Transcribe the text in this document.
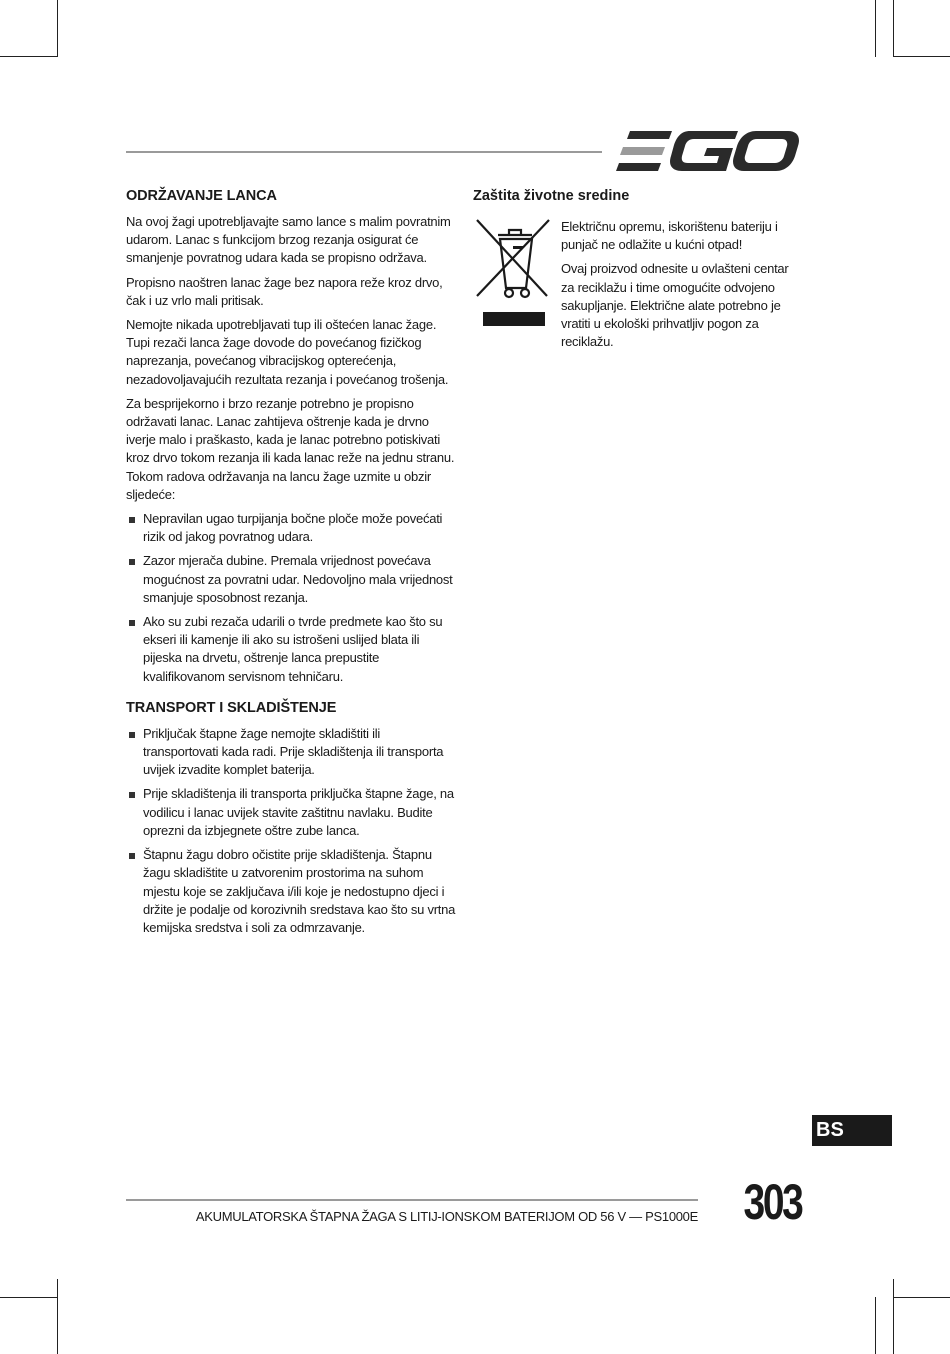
ODRŽAVANJE LANCA

Na ovoj žagi upotrebljavajte samo lance s malim povratnim udarom. Lanac s funkcijom brzog rezanja osigurat će smanjenje povratnog udara kada se propisno održava.

Propisno naoštren lanac žage bez napora reže kroz drvo, čak i uz vrlo mali pritisak.

Nemojte nikada upotrebljavati tup ili oštećen lanac žage. Tupi rezači lanca žage dovode do povećanog fizičkog naprezanja, povećanog vibracijskog opterećenja, nezadovoljavajućih rezultata rezanja i povećanog trošenja.

Za besprijekorno i brzo rezanje potrebno je propisno održavati lanac. Lanac zahtijeva oštrenje kada je drvno iverje malo i praškasto, kada je lanac potrebno potiskivati kroz drvo tokom rezanja ili kada lanac reže na jednu stranu. Tokom radova održavanja na lancu žage uzmite u obzir sljedeće:

Nepravilan ugao turpijanja bočne ploče može povećati rizik od jakog povratnog udara.
Zazor mjerača dubine. Premala vrijednost povećava mogućnost za povratni udar. Nedovoljno mala vrijednost smanjuje sposobnost rezanja.
Ako su zubi rezača udarili o tvrde predmete kao što su ekseri ili kamenje ili ako su istrošeni uslijed blata ili pijeska na drvetu, oštrenje lanca prepustite kvalifikovanom servisnom tehničaru.
TRANSPORT I SKLADIŠTENJE
Priključak štapne žage nemojte skladištiti ili transportovati kada radi. Prije skladištenja ili transporta uvijek izvadite komplet baterija.
Prije skladištenja ili transporta priključka štapne žage, na vodilicu i lanac uvijek stavite zaštitnu navlaku. Budite oprezni da izbjegnete oštre zube lanca.
Štapnu žagu dobro očistite prije skladištenja. Štapnu žagu skladištite u zatvorenim prostorima na suhom mjestu koje se zaključava i/ili koje je nedostupno djeci i držite je podalje od korozivnih sredstava kao što su vrtna kemijska sredstva i soli za odmrzavanje.
Zaštita životne sredine

Električnu opremu, iskorištenu bateriju i punjač ne odlažite u kućni otpad!

Ovaj proizvod odnesite u ovlašteni centar za reciklažu i time omogućite odvojeno sakupljanje. Električne alate potrebno je vratiti u ekološki prihvatljiv pogon za reciklažu.

BS
AKUMULATORSKA ŠTAPNA ŽAGA S LITIJ-IONSKOM BATERIJOM OD 56 V — PS1000E 303
